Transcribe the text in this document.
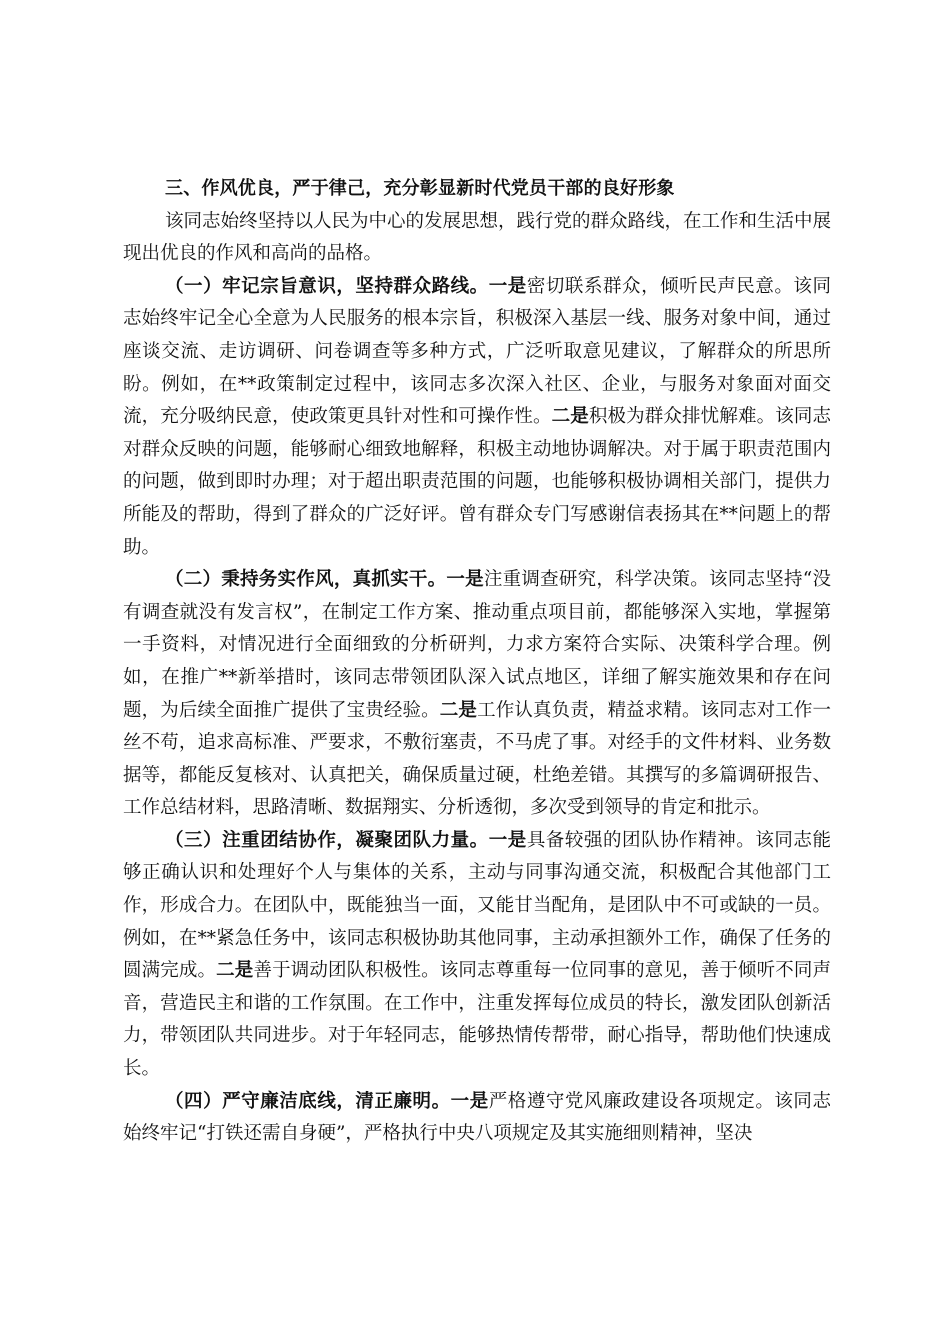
三、作风优良，严于律己，充分彰显新时代党员干部的良好形象

该同志始终坚持以人民为中心的发展思想，践行党的群众路线，在工作和生活中展现出优良的作风和高尚的品格。

（一）牢记宗旨意识，坚持群众路线。一是密切联系群众，倾听民声民意。该同志始终牢记全心全意为人民服务的根本宗旨，积极深入基层一线、服务对象中间，通过座谈交流、走访调研、问卷调查等多种方式，广泛听取意见建议，了解群众的所思所盼。例如，在**政策制定过程中，该同志多次深入社区、企业，与服务对象面对面交流，充分吸纳民意，使政策更具针对性和可操作性。二是积极为群众排忧解难。该同志对群众反映的问题，能够耐心细致地解释，积极主动地协调解决。对于属于职责范围内的问题，做到即时办理；对于超出职责范围的问题，也能够积极协调相关部门，提供力所能及的帮助，得到了群众的广泛好评。曾有群众专门写感谢信表扬其在**问题上的帮助。

（二）秉持务实作风，真抓实干。一是注重调查研究，科学决策。该同志坚持“没有调查就没有发言权”，在制定工作方案、推动重点项目前，都能够深入实地，掌握第一手资料，对情况进行全面细致的分析研判，力求方案符合实际、决策科学合理。例如，在推广**新举措时，该同志带领团队深入试点地区，详细了解实施效果和存在问题，为后续全面推广提供了宝贵经验。二是工作认真负责，精益求精。该同志对工作一丝不苟，追求高标准、严要求，不敷衍塞责，不马虎了事。对经手的文件材料、业务数据等，都能反复核对、认真把关，确保质量过硬，杜绝差错。其撰写的多篇调研报告、工作总结材料，思路清晰、数据翔实、分析透彻，多次受到领导的肯定和批示。

（三）注重团结协作，凝聚团队力量。一是具备较强的团队协作精神。该同志能够正确认识和处理好个人与集体的关系，主动与同事沟通交流，积极配合其他部门工作，形成合力。在团队中，既能独当一面，又能甘当配角，是团队中不可或缺的一员。例如，在**紧急任务中，该同志积极协助其他同事，主动承担额外工作，确保了任务的圆满完成。二是善于调动团队积极性。该同志尊重每一位同事的意见，善于倾听不同声音，营造民主和谐的工作氛围。在工作中，注重发挥每位成员的特长，激发团队创新活力，带领团队共同进步。对于年轻同志，能够热情传帮带，耐心指导，帮助他们快速成长。

（四）严守廉洁底线，清正廉明。一是严格遵守党风廉政建设各项规定。该同志始终牢记“打铁还需自身硬”，严格执行中央八项规定及其实施细则精神，坚决
